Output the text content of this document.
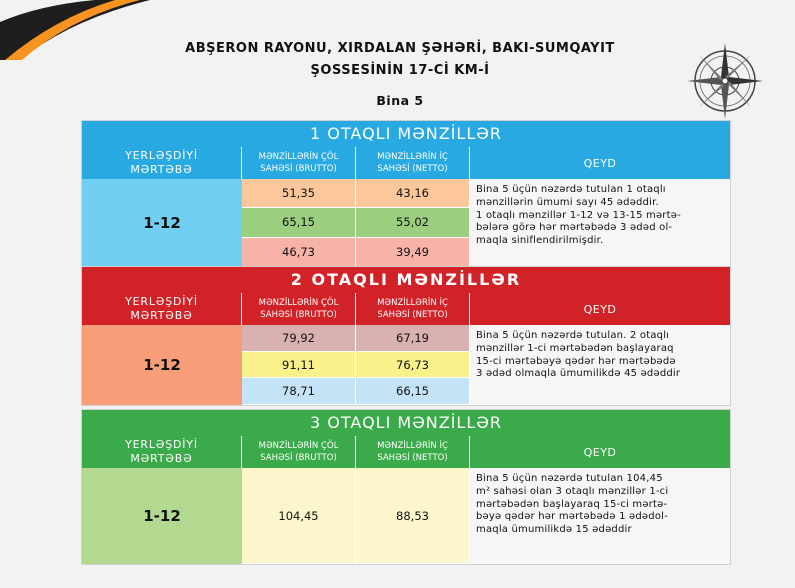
ABŞERON RAYONU, XIRDALAN ŞƏHƏRİ, BAKI-SUMQAYIT
ŞOSSESİNİN 17-Cİ KM-İ
Bina 5
1 OTAQLI MƏNZİLLƏR
YERLƏŞDİYİ
MƏRTƏBƏ
MƏNZİLLƏRİN ÇÖL
SAHƏSİ (BRUTTO)
MƏNZİLLƏRİN İÇ
SAHƏSİ (NETTO)	QEYD
1-12
51,35	43,16
65,15	55,02
46,73	39,49
Bina 5 üçün nəzərdə tutulan 1 otaqlı
mənzillərin ümumi sayı 45 ədəddir.
1 otaqlı mənzillər 1-12 və 13-15 mərtə-
bələrə görə hər mərtəbədə 3 ədəd ol-
maqla siniflendirilmişdir.
2 OTAQLI MƏNZİLLƏR
YERLƏŞDİYİ
MƏRTƏBƏ
MƏNZİLLƏRİN ÇÖL
SAHƏSİ (BRUTTO)
MƏNZİLLƏRİN İÇ
SAHƏSİ (NETTO)	QEYD
1-12
79,92	67,19
91,11	76,73
78,71	66,15
Bina 5 üçün nəzərdə tutulan. 2 otaqlı
mənzillər 1-ci mərtəbədən başlayaraq
15-ci mərtəbəyə qədər hər mərtəbədə
3 ədəd olmaqla ümumilikdə 45 ədəddir
3 OTAQLI MƏNZİLLƏR
YERLƏŞDİYİ
MƏRTƏBƏ
MƏNZİLLƏRİN ÇÖL
SAHƏSİ (BRUTTO)
MƏNZİLLƏRİN İÇ
SAHƏSİ (NETTO)	QEYD
1-12	104,45	88,53
Bina 5 üçün nəzərdə tutulan 104,45
m² sahəsi olan 3 otaqlı mənzillər 1-ci
mərtəbədən başlayaraq 15-ci mərtə-
bəyə qədər hər mərtəbədə 1 ədədol-
maqla ümumilikdə 15 ədəddir
